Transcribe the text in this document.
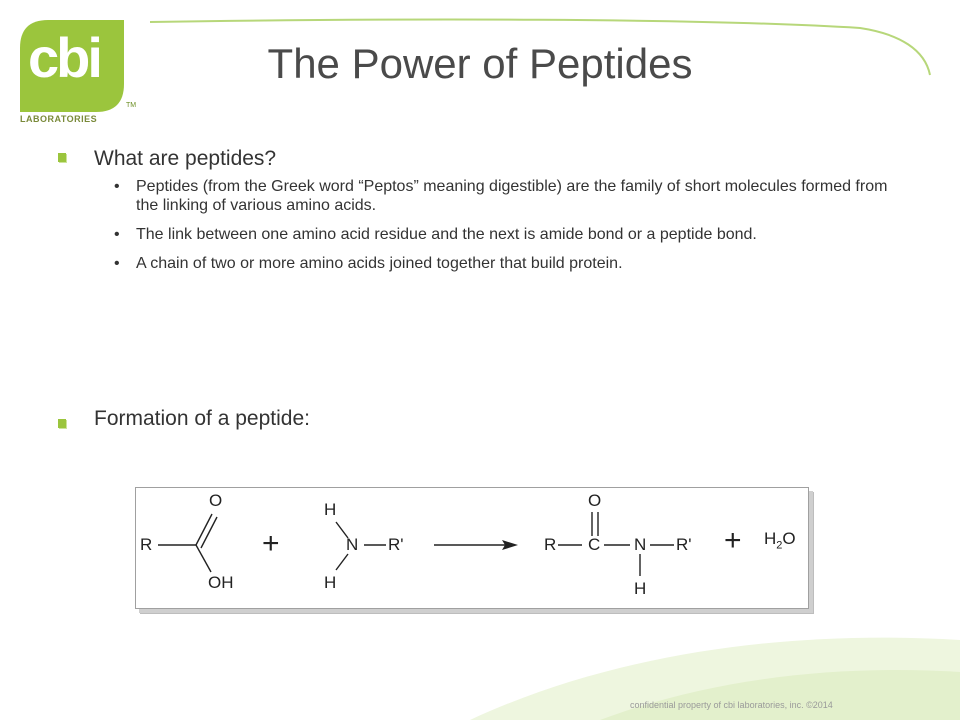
cbi
TM
LABORATORIES
The Power of Peptides
What are peptides?
• Peptides (from the Greek word “Peptos” meaning digestible) are the family of short molecules formed from the linking of various amino acids.
• The link between one amino acid residue and the next is amide bond or a peptide bond.
• A chain of two or more amino acids joined together that build protein.
Formation of a peptide:
R
O
OH
+
H
N R'
H
R
O
C N R'
H
+ $H_2O$
confidential property of cbi laboratories, inc. ©2014
